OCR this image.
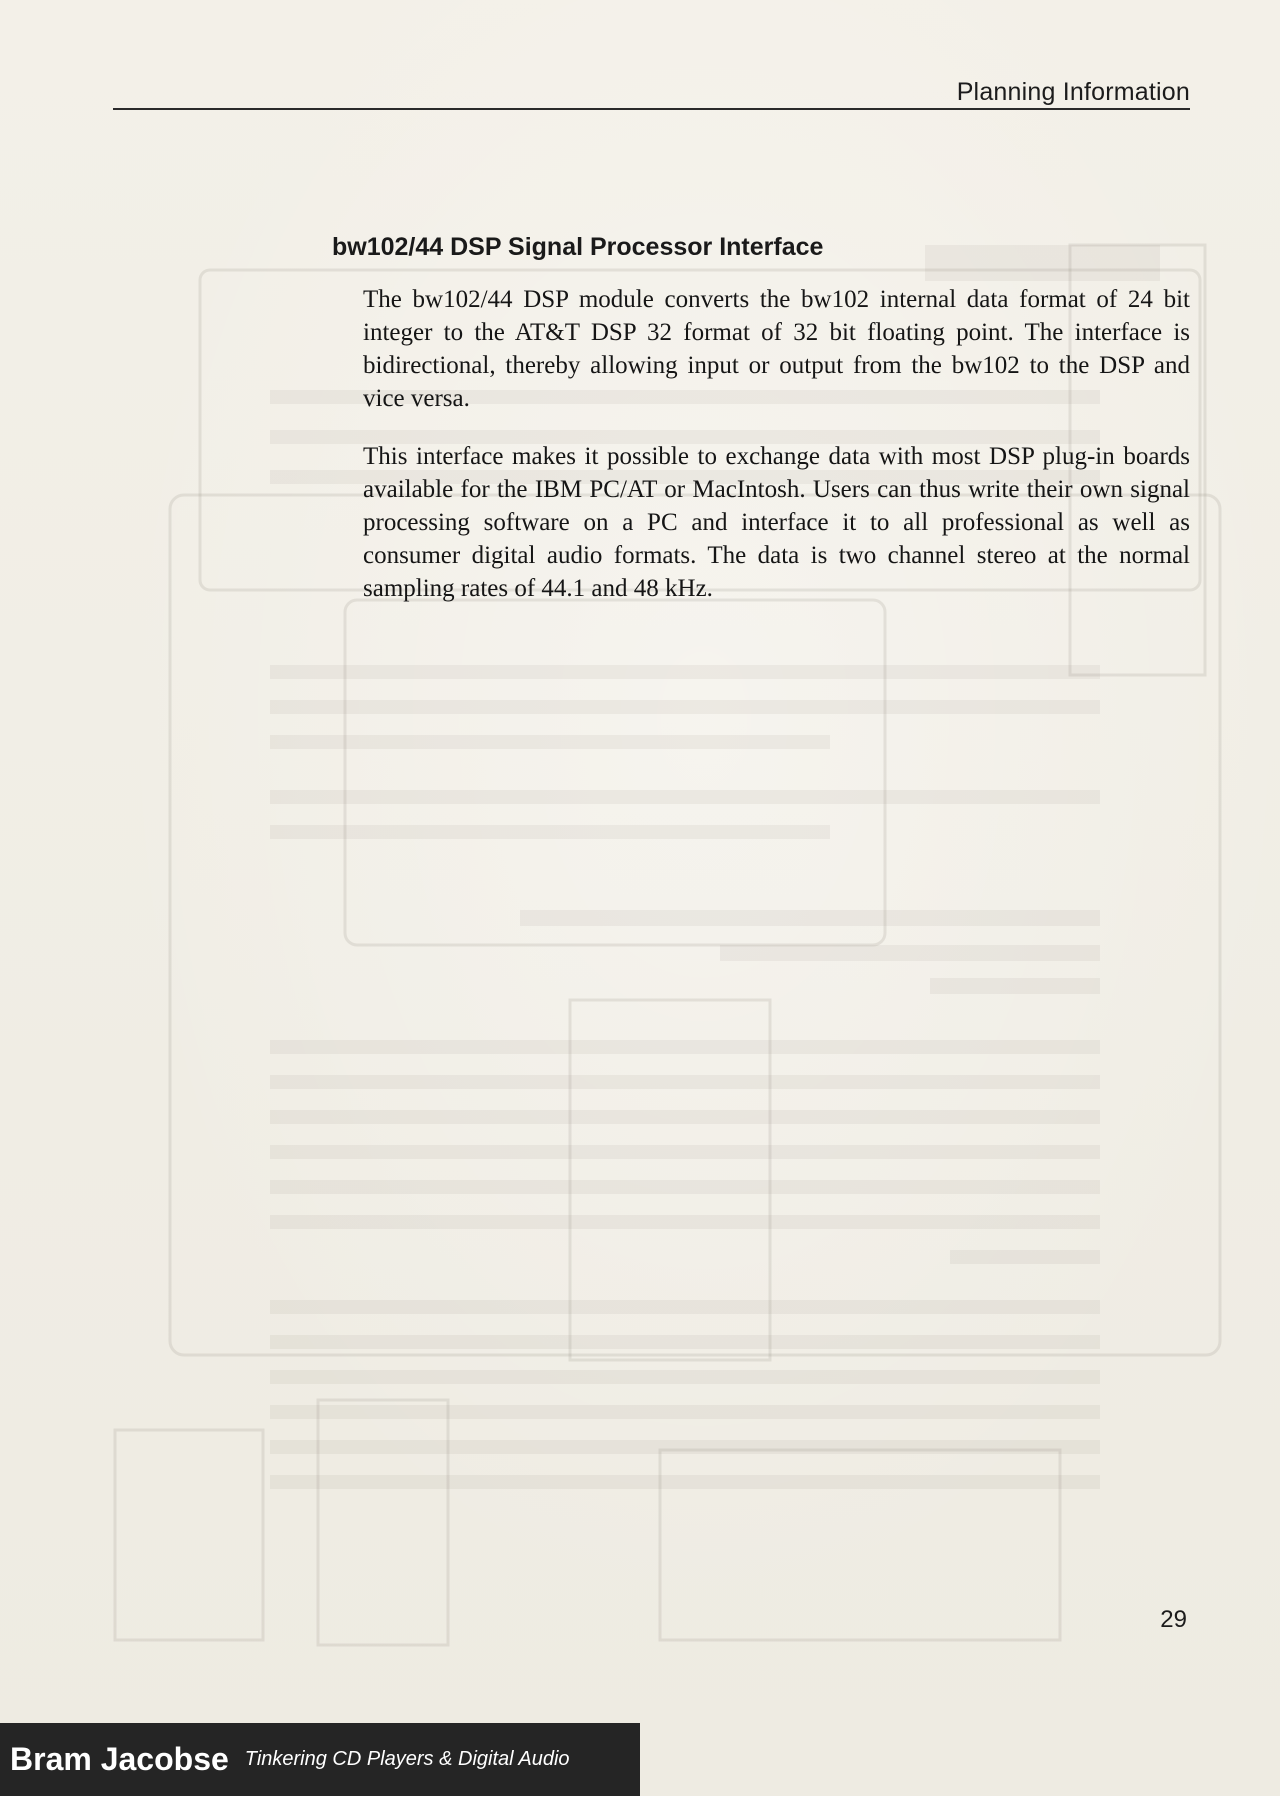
Planning Information
bw102/44 DSP Signal Processor Interface

The bw102/44 DSP module converts the bw102 internal data format of 24 bit integer to the AT&T DSP 32 format of 32 bit floating point. The interface is bidirectional, thereby allowing input or output from the bw102 to the DSP and vice versa.

This interface makes it possible to exchange data with most DSP plug-in boards available for the IBM PC/AT or MacIntosh. Users can thus write their own signal processing software on a PC and interface it to all professional as well as consumer digital audio formats. The data is two channel stereo at the normal sampling rates of 44.1 and 48 kHz.

29
Bram Jacobse Tinkering CD Players & Digital Audio
